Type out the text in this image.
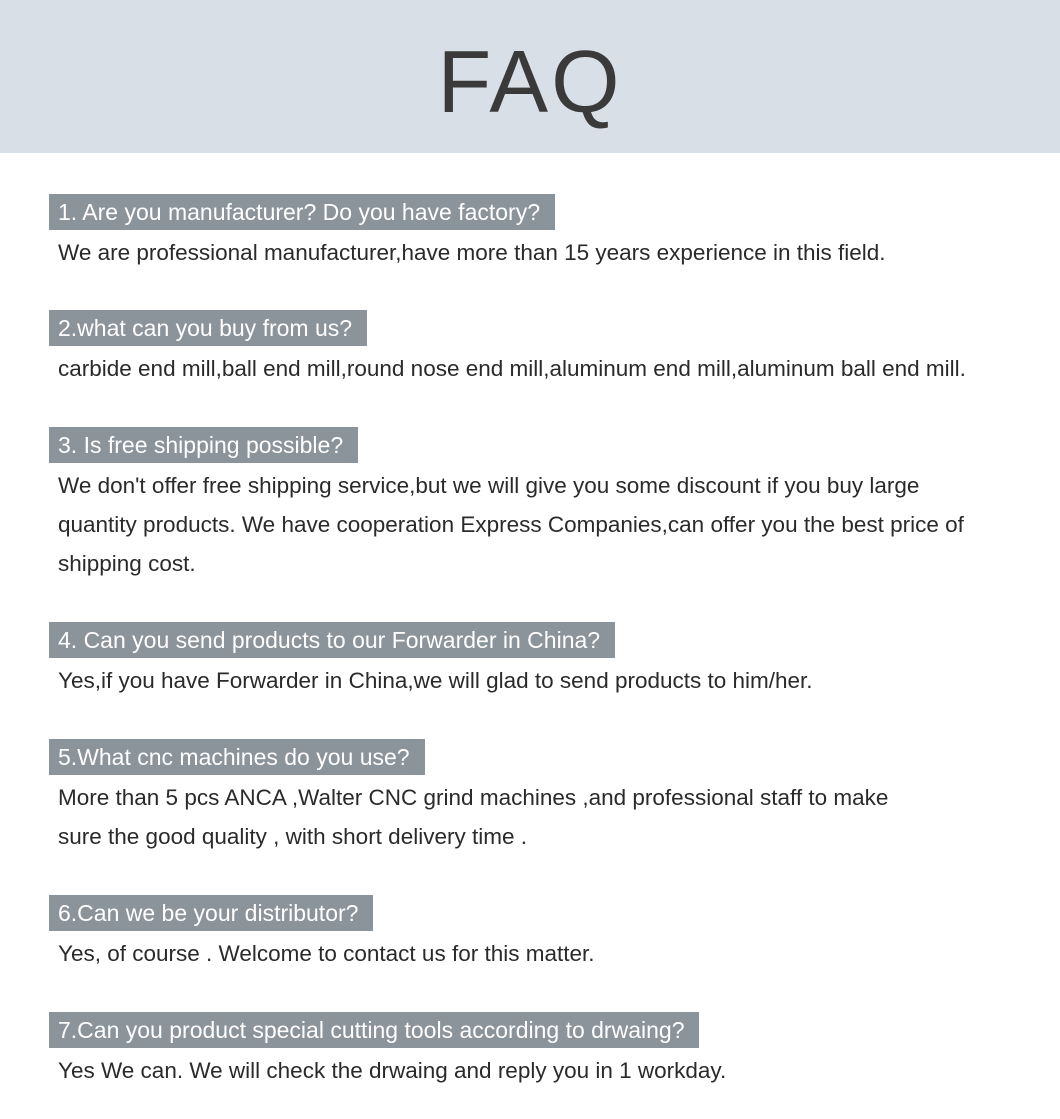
FAQ
1. Are you manufacturer? Do you have factory?
We are professional manufacturer,have more than 15 years experience in this field.
2.what can you buy from us?
carbide end mill,ball end mill,round nose end mill,aluminum end mill,aluminum ball end mill.
3. Is free shipping possible?
We don't offer free shipping service,but we will give you some discount if you buy large
quantity products. We have cooperation Express Companies,can offer you the best price of
shipping cost.
4. Can you send products to our Forwarder in China?
Yes,if you have Forwarder in China,we will glad to send products to him/her.
5.What cnc machines do you use?
More than 5 pcs ANCA ,Walter CNC grind machines ,and professional staff to make
sure the good quality , with short delivery time .
6.Can we be your distributor?
Yes, of course . Welcome to contact us for this matter.
7.Can you product special cutting tools according to drwaing?
Yes We can. We will check the drwaing and reply you in 1 workday.
